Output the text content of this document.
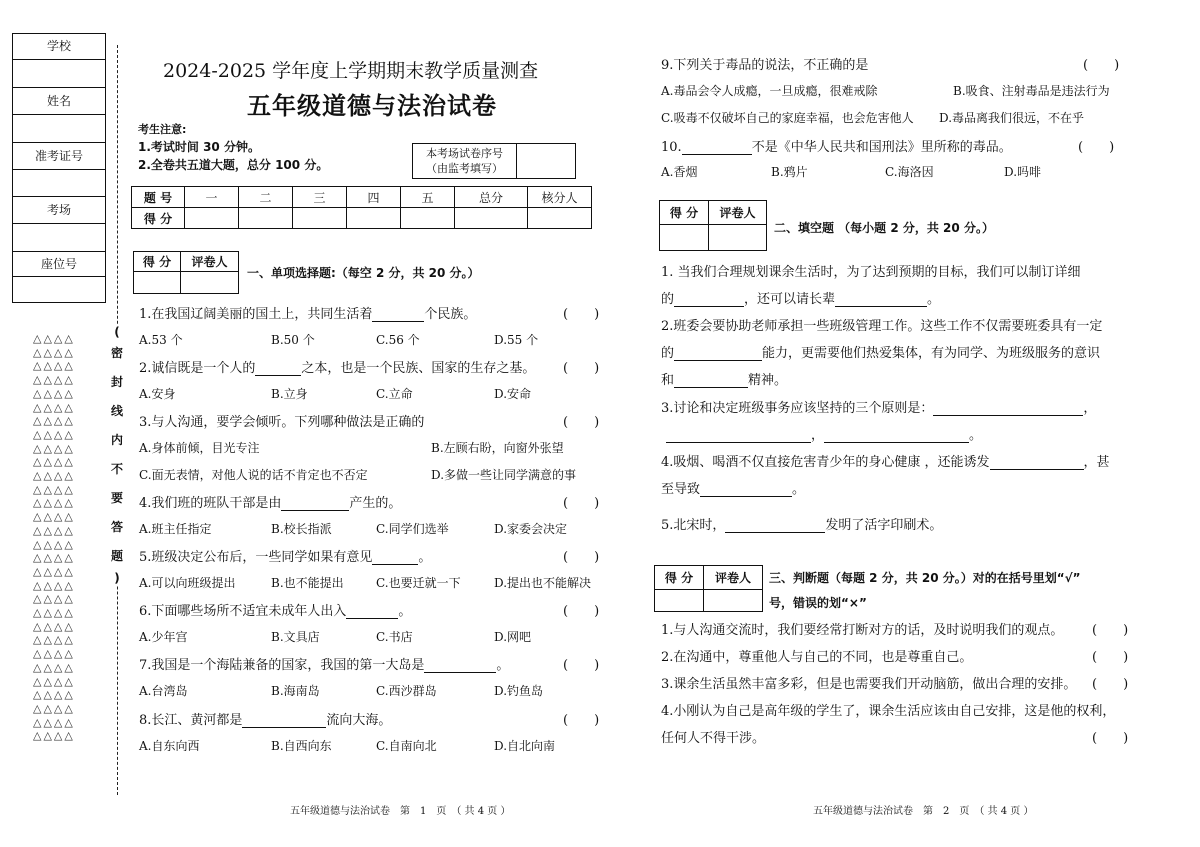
学校
姓名
准考证号
考场
座位号
△△△△
△△△△
△△△△
△△△△
△△△△
△△△△
△△△△
△△△△
△△△△
△△△△
△△△△
△△△△
△△△△
△△△△
△△△△
△△△△
△△△△
△△△△
△△△△
△△△△
△△△△
△△△△
△△△△
△△△△
△△△△
△△△△
△△△△
△△△△
△△△△
△△△△

(
密
封
线
内
不
要
答
题
)
2024-2025 学年度上学期期末教学质量测查
五年级道德与法治试卷
考生注意:
1.考试时间 30 分钟。
2.全卷共五道大题，总分 100 分。
本考场试卷序号
（由监考填写）
题 号	一	二	三	四	五	总分	核分人
得 分							
得 分	评卷人

一、单项选择题:（每空 2 分，共 20 分。）
1.在我国辽阔美丽的国土上，共同生活着	个民族。	(　　)
A.53 个	B.50 个	C.56 个	D.55 个
2.诚信既是一个人的	之本，也是一个民族、国家的生存之基。 (　　)
A.安身	B.立身	C.立命	D.安命
3.与人沟通，要学会倾听。下列哪种做法是正确的	(　　)
A.身体前倾，目光专注	B.左顾右盼，向窗外张望
C.面无表情，对他人说的话不肯定也不否定	D.多做一些让同学满意的事
4.我们班的班队干部是由	产生的。	(　　)
A.班主任指定	B.校长指派	C.同学们选举	D.家委会决定
5.班级决定公布后，一些同学如果有意见	。	(　　)
A.可以向班级提出	B.也不能提出	C.也要迁就一下	D.提出也不能解决
6.下面哪些场所不适宜未成年人出入	。	(　　)
A.少年宫	B.文具店	C.书店	D.网吧
7.我国是一个海陆兼备的国家，我国的第一大岛是	。	(　　)
A.台湾岛	B.海南岛	C.西沙群岛	D.钓鱼岛
8.长江、黄河都是	流向大海。	(　　)
A.自东向西	B.自西向东	C.自南向北	D.自北向南
五年级道德与法治试卷　第　1　页　（ 共 4 页 ）
9.下列关于毒品的说法，不正确的是	(　　)
A.毒品会令人成瘾，一旦成瘾，很难戒除	B.吸食、注射毒品是违法行为
C.吸毒不仅破坏自己的家庭幸福，也会危害他人 D.毒品离我们很远，不在乎
10.	不是《中华人民共和国刑法》里所称的毒品。	(　　)
A.香烟	B.鸦片	C.海洛因	D.吗啡
得 分	评卷人

二、填空题 （每小题 2 分，共 20 分。）
1. 当我们合理规划课余生活时，为了达到预期的目标，我们可以制订详细
的	，还可以请长辈	。
2.班委会要协助老师承担一些班级管理工作。这些工作不仅需要班委具有一定
的	能力，更需要他们热爱集体，有为同学、为班级服务的意识
和	精神。
3.讨论和决定班级事务应该坚持的三个原则是：	，
，	。
4.吸烟、喝酒不仅直接危害青少年的身心健康 ，还能诱发	，甚
至导致	。
5.北宋时，	发明了活字印刷术。
得 分	评卷人
	三、判断题（每题 2 分，共 20 分。）对的在括号里划“√”
号，错误的划“×”
1.与人沟通交流时，我们要经常打断对方的话，及时说明我们的观点。 (　　)
2.在沟通中，尊重他人与自己的不同，也是尊重自己。	(　　)
3.课余生活虽然丰富多彩，但是也需要我们开动脑筋，做出合理的安排。 (　　)
4.小刚认为自己是高年级的学生了，课余生活应该由自己安排，这是他的权利，
任何人不得干涉。	(　　)
五年级道德与法治试卷　第　2　页　（ 共 4 页 ）
